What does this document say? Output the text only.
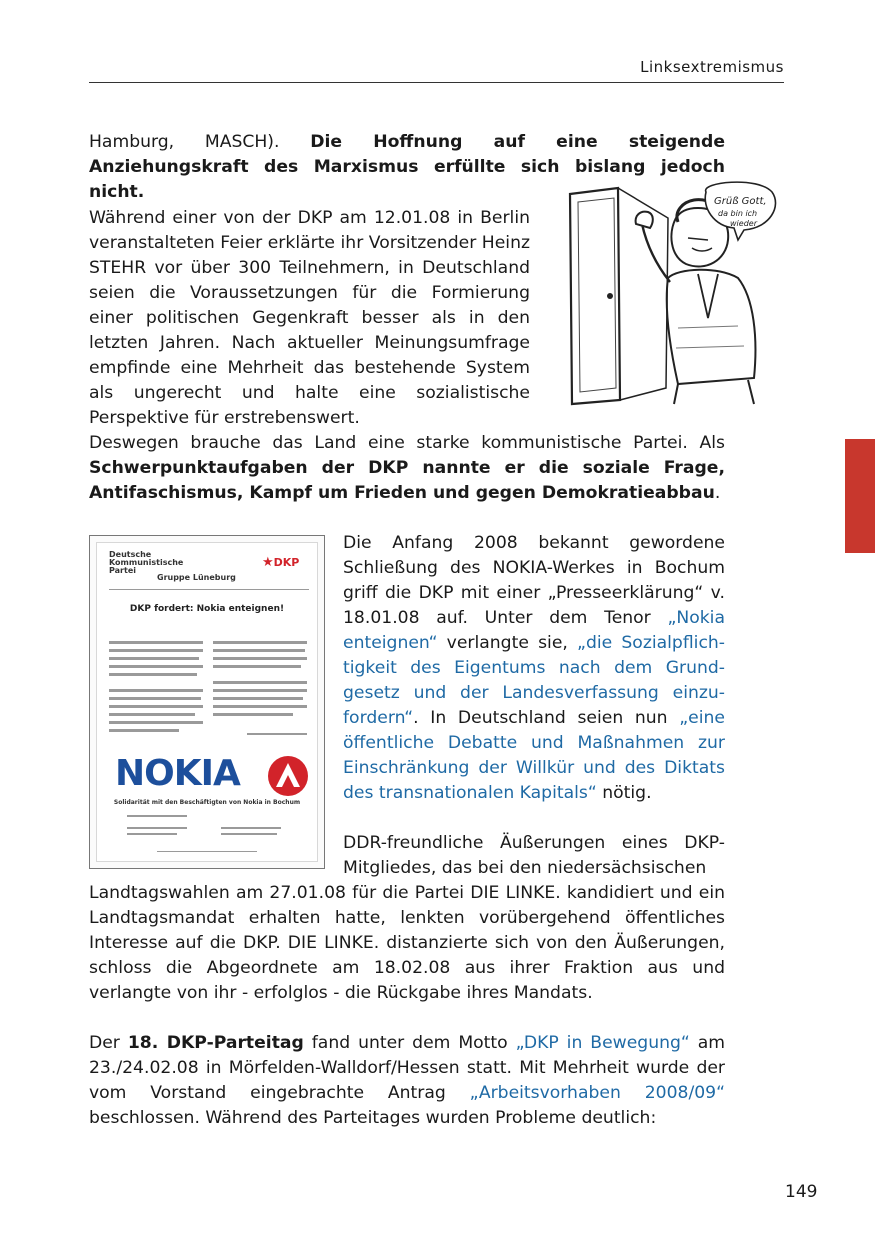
Linksextremismus

Hamburg, MASCH). Die Hoffnung auf eine steigende Anziehungskraft des Marxismus erfüllte sich bislang jedoch nicht.

Während einer von der DKP am 12.01.08 in Berlin veranstalteten Feier erklärte ihr Vorsitzender Heinz STEHR vor über 300 Teilnehmern, in Deutschland seien die Voraussetzungen für die Formierung einer politischen Gegenkraft besser als in den letzten Jahren. Nach aktueller Meinungsumfrage empfinde eine Mehrheit das bestehende System als ungerecht und halte eine sozialistische Perspektive für erstrebenswert.

Deswegen brauche das Land eine starke kommunistische Partei. Als Schwerpunktaufgaben der DKP nannte er die soziale Frage, Antifaschismus, Kampf um Frieden und gegen Demokratieabbau.

Grüß Gott,
da bin ich
wieder
Deutsche Kommunistische Partei
Gruppe Lüneburg
★DKP
DKP fordert: Nokia enteignen!
NOKIA
Solidarität mit den Beschäftigten von Nokia in Bochum

Die Anfang 2008 bekannt gewordene Schließung des NOKIA-Werkes in Bochum griff die DKP mit einer „Presseerklärung“ v. 18.01.08 auf. Unter dem Tenor „Nokia enteignen“ verlangte sie, „die Sozialpflichtigkeit des Eigentums nach dem Grundgesetz und der Landesverfassung einzufordern“. In Deutschland seien nun „eine öffentliche Debatte und Maßnahmen zur Einschränkung der Willkür und des Diktats des transnationalen Kapitals“ nötig.

DDR-freundliche Äußerungen eines DKP-Mitgliedes, das bei den niedersächsischen

Landtagswahlen am 27.01.08 für die Partei DIE LINKE. kandidiert und ein Landtagsmandat erhalten hatte, lenkten vorübergehend öffentliches Interesse auf die DKP. DIE LINKE. distanzierte sich von den Äußerungen, schloss die Abgeordnete am 18.02.08 aus ihrer Fraktion aus und verlangte von ihr - erfolglos - die Rückgabe ihres Mandats.

Der 18. DKP-Parteitag fand unter dem Motto „DKP in Bewegung“ am 23./24.02.08 in Mörfelden-Walldorf/Hessen statt. Mit Mehrheit wurde der vom Vorstand eingebrachte Antrag „Arbeitsvorhaben 2008/09“ beschlossen. Während des Parteitages wurden Probleme deutlich:

149
